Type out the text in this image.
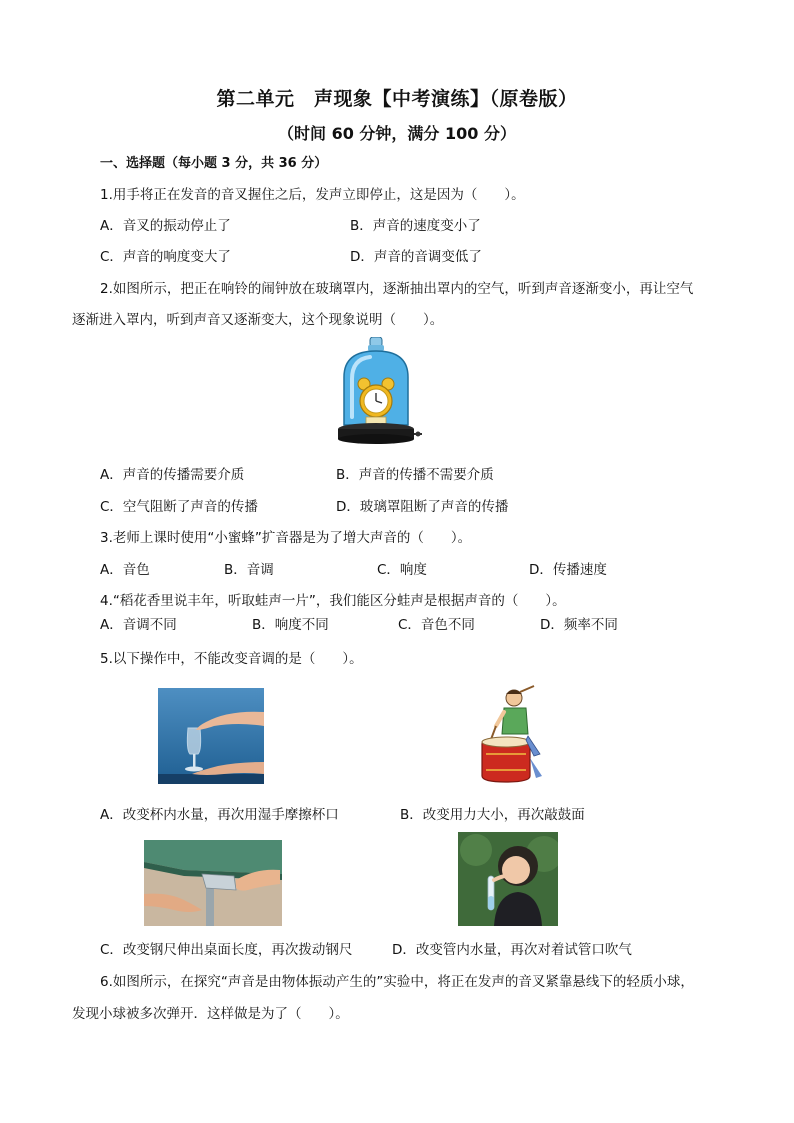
第二单元　声现象【中考演练】（原卷版）
（时间 60 分钟，满分 100 分）
一、选择题（每小题 3 分，共 36 分）
1.用手将正在发音的音叉握住之后，发声立即停止，这是因为（　　）。
A．音叉的振动停止了	B．声音的速度变小了
C．声音的响度变大了	D．声音的音调变低了
2.如图所示，把正在响铃的闹钟放在玻璃罩内，逐渐抽出罩内的空气，听到声音逐渐变小，再让空气
逐渐进入罩内，听到声音又逐渐变大，这个现象说明（　　）。
A．声音的传播需要介质	B．声音的传播不需要介质
C．空气阻断了声音的传播	D．玻璃罩阻断了声音的传播
3.老师上课时使用“小蜜蜂”扩音器是为了增大声音的（　　）。
A．音色	B．音调	C．响度	D．传播速度
4.“稻花香里说丰年，听取蛙声一片”，我们能区分蛙声是根据声音的（　　）。
A．音调不同	B．响度不同	C．音色不同	D．频率不同
5.以下操作中，不能改变音调的是（　　）。
A．改变杯内水量，再次用湿手摩擦杯口	B．改变用力大小，再次敲鼓面
C．改变钢尺伸出桌面长度，再次拨动钢尺	D．改变管内水量，再次对着试管口吹气
6.如图所示，在探究“声音是由物体振动产生的”实验中，将正在发声的音叉紧靠悬线下的轻质小球，
发现小球被多次弹开．这样做是为了（　　）。
